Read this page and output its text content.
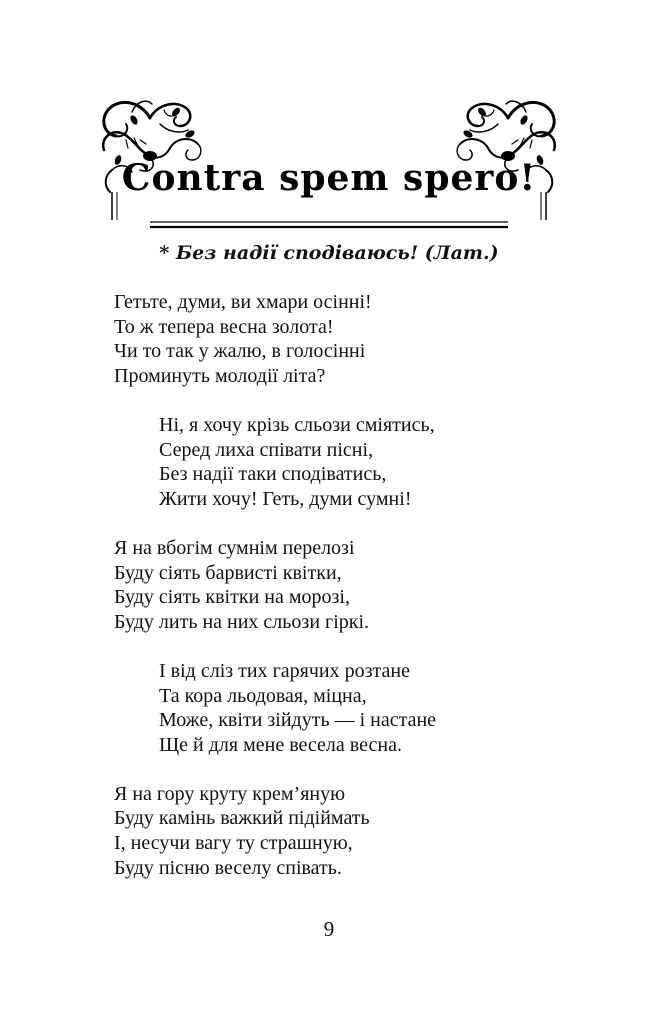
Contra spem spero!
* Без надії сподіваюсь! (Лат.)
Гетьте, думи, ви хмари осінні!
То ж тепера весна золота!
Чи то так у жалю, в голосінні
Проминуть молодії літа?
Ні, я хочу крізь сльози сміятись,
Серед лиха співати пісні,
Без надії таки сподіватись,
Жити хочу! Геть, думи сумні!
Я на вбогім сумнім перелозі
Буду сіять барвисті квітки,
Буду сіять квітки на морозі,
Буду лить на них сльози гіркі.
І від сліз тих гарячих розтане
Та кора льодовая, міцна,
Може, квіти зійдуть — і настане
Ще й для мене весела весна.
Я на гору круту крем’яную
Буду камінь важкий підіймать
І, несучи вагу ту страшную,
Буду пісню веселу співать.
9
